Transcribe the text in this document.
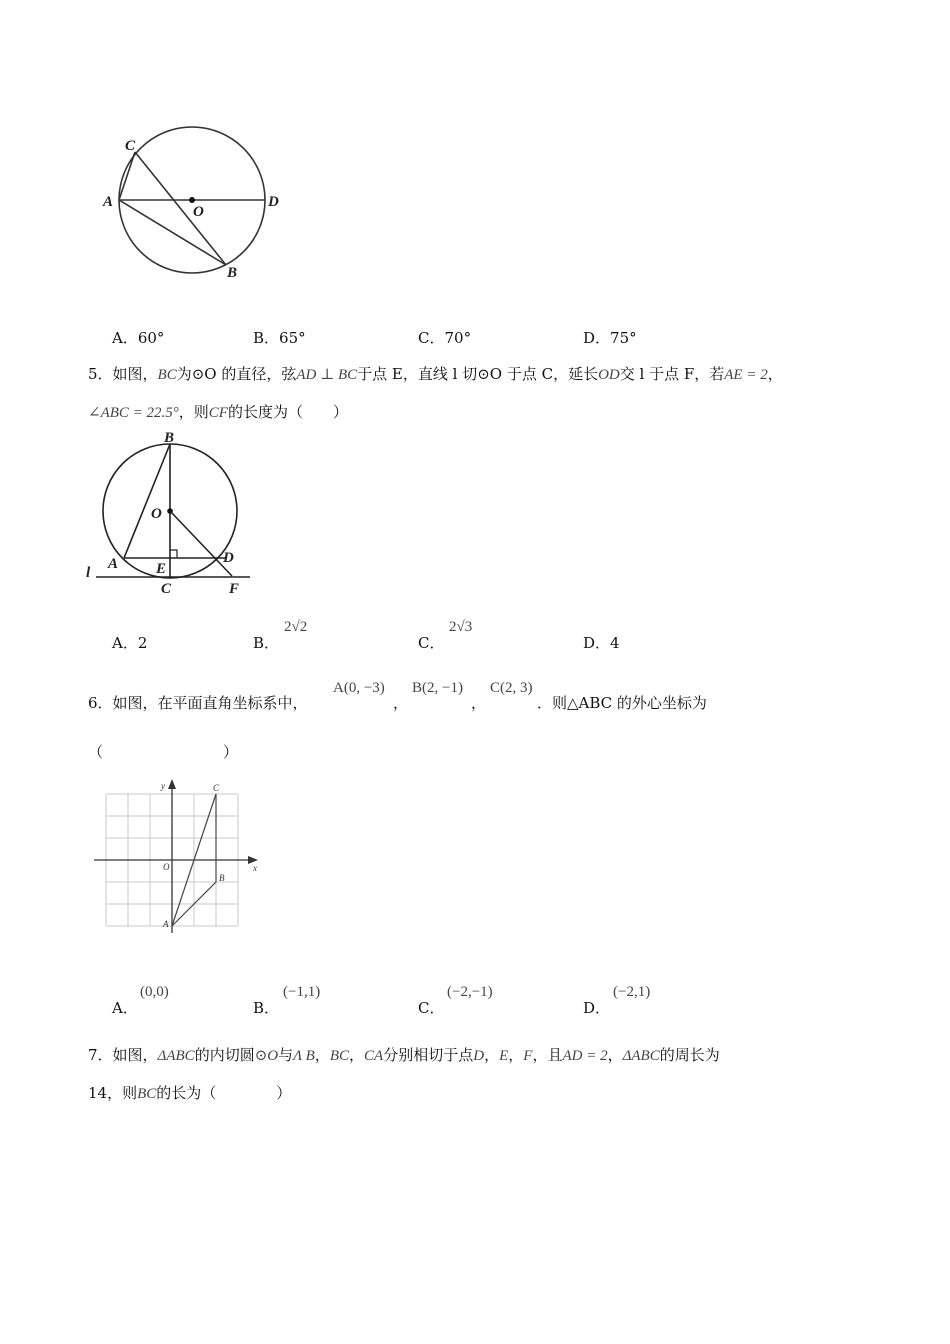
C
A
O
D
B
A．60°	B．65°	C．70°	D．75°
5．如图，BC为⊙O 的直径，弦AD ⊥ BC于点 E，直线 l 切⊙O 于点 C，延长OD交 l 于点 F，若AE = 2，
∠ABC = 22.5°，则CF的长度为（　　）
B
O
A	D
E
C	F
l
A．2	B．
2√2
C．
2√3
D．4
6．如图，在平面直角坐标系中，
A(0, −3)
，
B(2, −1)
，
C(2, 3)
．则△ABC 的外心坐标为
（　　　　　　　　）
y
x
O
C
B
A
A．
(0,0)
B．
(−1,1)
C．
(−2,−1)
D．
(−2,1)
7．如图，ΔABC的内切圆⊙O与Λ B，BC，CA分别相切于点D，E，F，且AD = 2，ΔABC的周长为
14，则BC的长为（　　　　）
